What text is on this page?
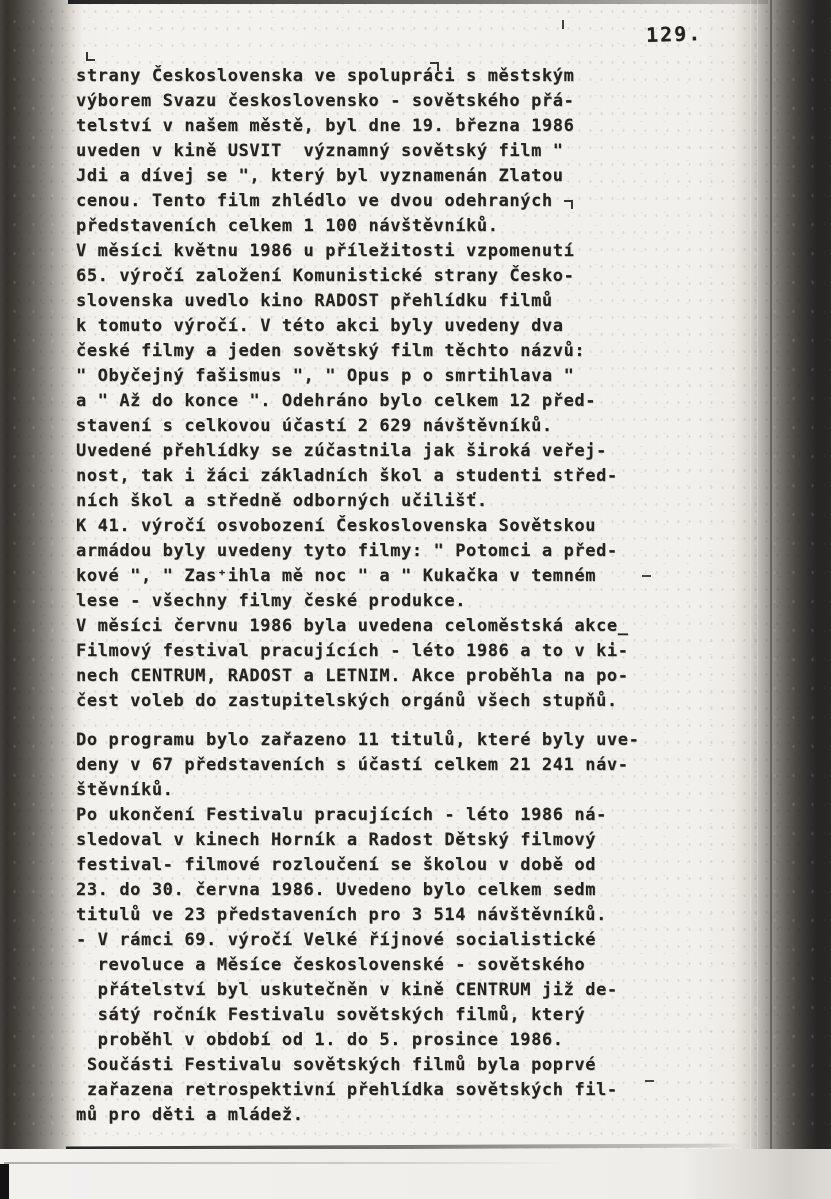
129.
strany Československa ve spolupráci s městským
výborem Svazu československo - sovětského přá-
telství v našem městě, byl dne 19. března 1986
uveden v kině USVIT  významný sovětský film "
Jdi a dívej se ", který byl vyznamenán Zlatou
cenou. Tento film zhlédlo ve dvou odehraných
představeních celkem 1 100 návštěvníků.
V měsíci květnu 1986 u příležitosti vzpomenutí
65. výročí založení Komunistické strany Česko-
slovenska uvedlo kino RADOST přehlídku filmů
k tomuto výročí. V této akci byly uvedeny dva
české filmy a jeden sovětský film těchto názvů:
" Obyčejný fašismus ", " Opus p o smrtihlava "
a " Až do konce ". Odehráno bylo celkem 12 před-
stavení s celkovou účastí 2 629 návštěvníků.
Uvedené přehlídky se zúčastnila jak široká veřej-
nost, tak i žáci základních škol a studenti střed-
ních škol a středně odborných učilišť.
K 41. výročí osvobození Československa Sovětskou
armádou byly uvedeny tyto filmy: " Potomci a před-
kové ", " Zas⁺ihla mě noc " a " Kukačka v temném
lese - všechny filmy české produkce.
V měsíci červnu 1986 byla uvedena celoměstská akce_
Filmový festival pracujících - léto 1986 a to v ki-
nech CENTRUM, RADOST a LETNIM. Akce proběhla na po-
čest voleb do zastupitelských orgánů všech stupňů.
Do programu bylo zařazeno 11 titulů, které byly uve-
deny v 67 představeních s účastí celkem 21 241 náv-
štěvníků.
Po ukončení Festivalu pracujících - léto 1986 ná-
sledoval v kinech Horník a Radost Dětský filmový
festival- filmové rozloučení se školou v době od
23. do 30. června 1986. Uvedeno bylo celkem sedm
titulů ve 23 představeních pro 3 514 návštěvníků.
- V rámci 69. výročí Velké říjnové socialistické
revoluce a Měsíce československé - sovětského
přátelství byl uskutečněn v kině CENTRUM již de-
sátý ročník Festivalu sovětských filmů, který
proběhl v období od 1. do 5. prosince 1986.
Součásti Festivalu sovětských filmů byla poprvé
zařazena retrospektivní přehlídka sovětských fil-
mů pro děti a mládež.
